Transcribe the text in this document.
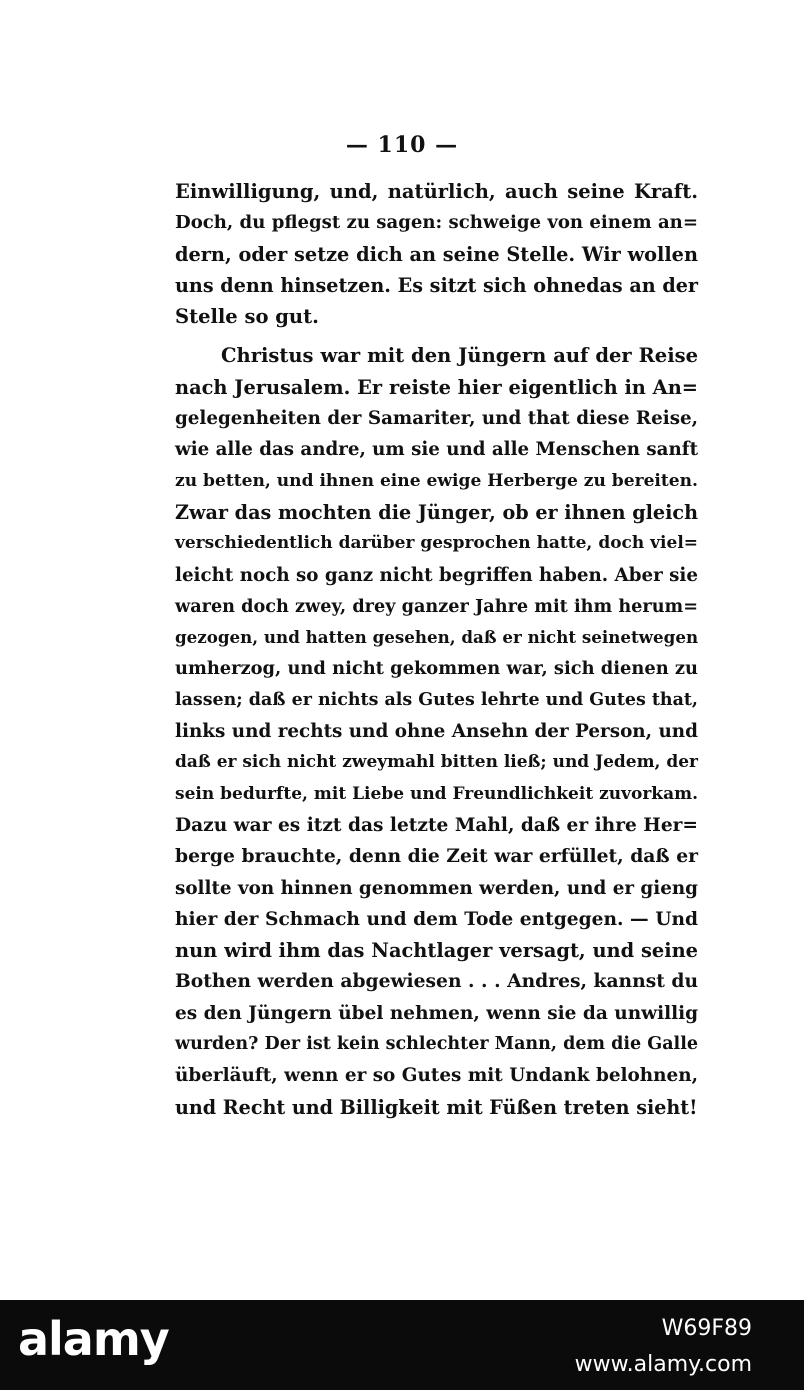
— 110 —
Einwilligung, und, natürlich, auch seine Kraft.
Doch, du pflegst zu sagen: schweige von einem an=
dern, oder setze dich an seine Stelle. Wir wollen
uns denn hinsetzen. Es sitzt sich ohnedas an der
Stelle so gut.
Christus war mit den Jüngern auf der Reise
nach Jerusalem. Er reiste hier eigentlich in An=
gelegenheiten der Samariter, und that diese Reise,
wie alle das andre, um sie und alle Menschen sanft
zu betten, und ihnen eine ewige Herberge zu bereiten.
Zwar das mochten die Jünger, ob er ihnen gleich
verschiedentlich darüber gesprochen hatte, doch viel=
leicht noch so ganz nicht begriffen haben. Aber sie
waren doch zwey, drey ganzer Jahre mit ihm herum=
gezogen, und hatten gesehen, daß er nicht seinetwegen
umherzog, und nicht gekommen war, sich dienen zu
lassen; daß er nichts als Gutes lehrte und Gutes that,
links und rechts und ohne Ansehn der Person, und
daß er sich nicht zweymahl bitten ließ; und Jedem, der
sein bedurfte, mit Liebe und Freundlichkeit zuvorkam.
Dazu war es itzt das letzte Mahl, daß er ihre Her=
berge brauchte, denn die Zeit war erfüllet, daß er
sollte von hinnen genommen werden, und er gieng
hier der Schmach und dem Tode entgegen. — Und
nun wird ihm das Nachtlager versagt, und seine
Bothen werden abgewiesen . . . Andres, kannst du
es den Jüngern übel nehmen, wenn sie da unwillig
wurden? Der ist kein schlechter Mann, dem die Galle
überläuft, wenn er so Gutes mit Undank belohnen,
und Recht und Billigkeit mit Füßen treten sieht!
alamy	W69F89
www.alamy.com
